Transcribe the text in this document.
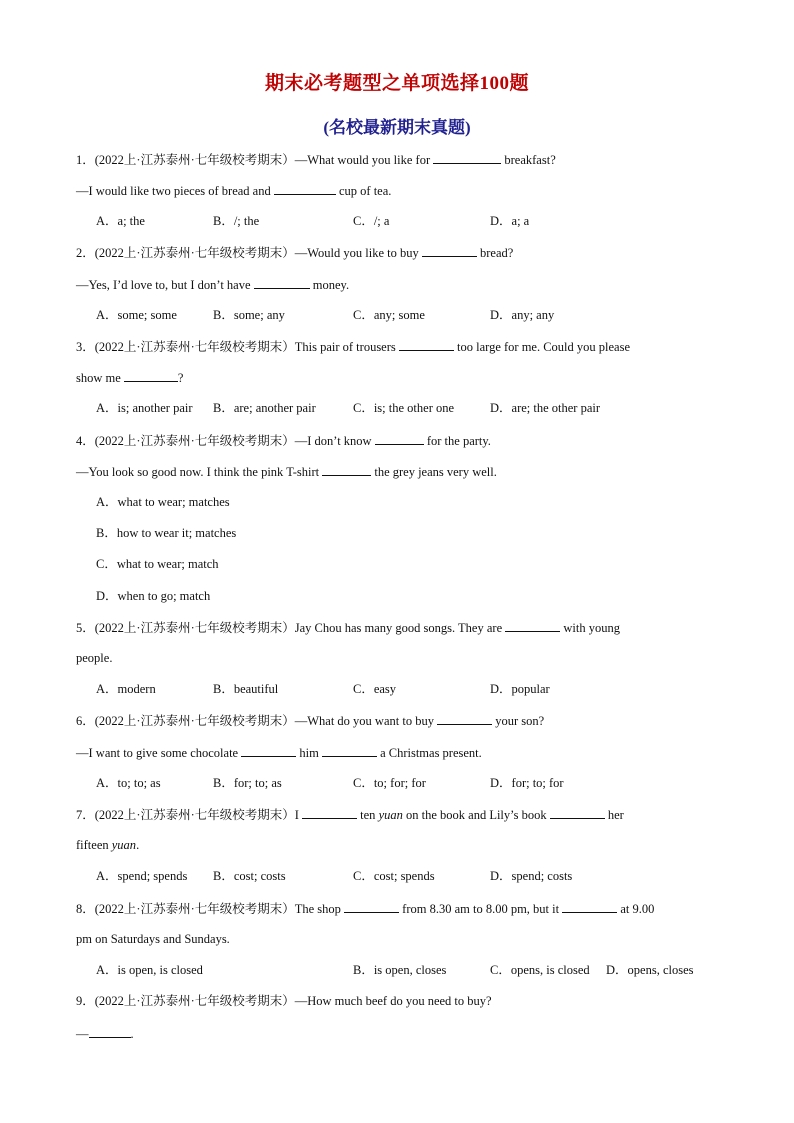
期末必考题型之单项选择100题
(名校最新期末真题)
1．(2022上·江苏泰州·七年级校考期末）—What would you like for	breakfast?
—I would like two pieces of bread and	cup of tea.
A．a; the	B．/; the	C．/; a	D．a; a
2．(2022上·江苏泰州·七年级校考期末）—Would you like to buy	bread?
—Yes, I’d love to, but I don’t have	money.
A．some; some	B．some; any	C．any; some	D．any; any
3．(2022上·江苏泰州·七年级校考期末）This pair of trousers	too large for me. Could you please
show me	?
A．is; another pair B．are; another pair	C．is; the other one	D．are; the other pair
4．(2022上·江苏泰州·七年级校考期末）—I don’t know	for the party.
—You look so good now. I think the pink T-shirt	the grey jeans very well.
A．what to wear; matches
B．how to wear it; matches
C．what to wear; match
D．when to go; match
5．(2022上·江苏泰州·七年级校考期末）Jay Chou has many good songs. They are	with young
people.
A．modern	B．beautiful	C．easy	D．popular
6．(2022上·江苏泰州·七年级校考期末）—What do you want to buy	your son?
—I want to give some chocolate	him	a Christmas present.
A．to; to; as	B．for; to; as	C．to; for; for	D．for; to; for
7．(2022上·江苏泰州·七年级校考期末）I	ten yuan on the book and Lily’s book	her
fifteen yuan.
A．spend; spends B．cost; costs	C．cost; spends	D．spend; costs
8．(2022上·江苏泰州·七年级校考期末）The shop	from 8.30 am to 8.00 pm, but it	at 9.00
pm on Saturdays and Sundays.
A．is open, is closed	B．is open, closes	C．opens, is closed D．opens, closes
9．(2022上·江苏泰州·七年级校考期末）—How much beef do you need to buy?
—	.
